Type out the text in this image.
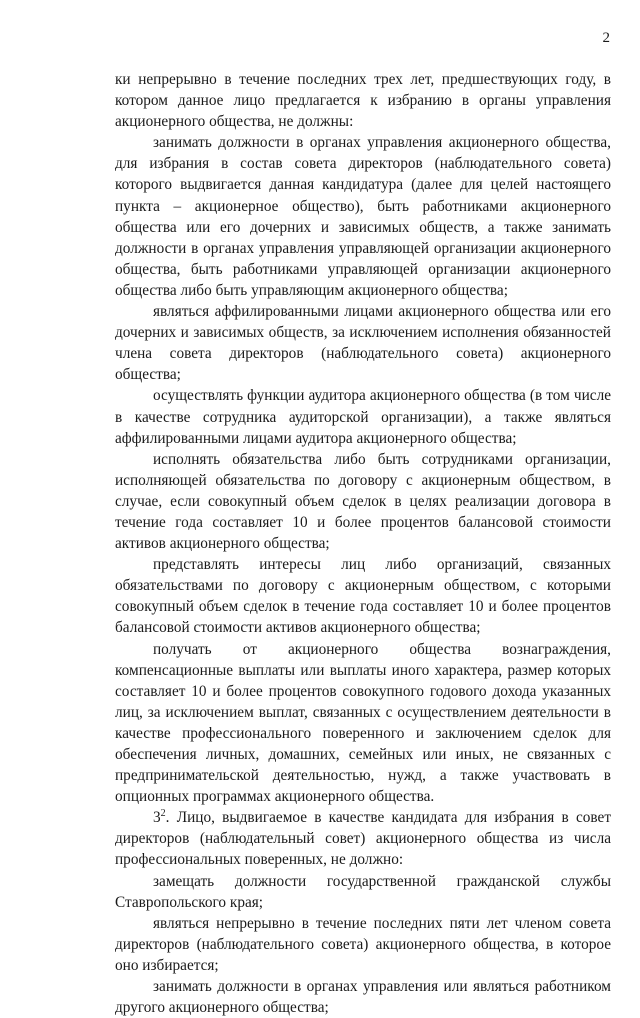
2

ки непрерывно в течение последних трех лет, предшествующих году, в котором данное лицо предлагается к избранию в органы управления акционерного общества, не должны:

занимать должности в органах управления акционерного общества, для избрания в состав совета директоров (наблюдательного совета) которого выдвигается данная кандидатура (далее для целей настоящего пункта – акционерное общество), быть работниками акционерного общества или его дочерних и зависимых обществ, а также занимать должности в органах управления управляющей организации акционерного общества, быть работниками управляющей организации акционерного общества либо быть управляющим акционерного общества;

являться аффилированными лицами акционерного общества или его дочерних и зависимых обществ, за исключением исполнения обязанностей члена совета директоров (наблюдательного совета) акционерного общества;

осуществлять функции аудитора акционерного общества (в том числе в качестве сотрудника аудиторской организации), а также являться аффилированными лицами аудитора акционерного общества;

исполнять обязательства либо быть сотрудниками организации, исполняющей обязательства по договору с акционерным обществом, в случае, если совокупный объем сделок в целях реализации договора в течение года составляет 10 и более процентов балансовой стоимости активов акционерного общества;

представлять интересы лиц либо организаций, связанных обязательствами по договору с акционерным обществом, с которыми совокупный объем сделок в течение года составляет 10 и более процентов балансовой стоимости активов акционерного общества;

получать от акционерного общества вознаграждения, компенсационные выплаты или выплаты иного характера, размер которых составляет 10 и более процентов совокупного годового дохода указанных лиц, за исключением выплат, связанных с осуществлением деятельности в качестве профессионального поверенного и заключением сделок для обеспечения личных, домашних, семейных или иных, не связанных с предпринимательской деятельностью, нужд, а также участвовать в опционных программах акционерного общества.

$3^2$. Лицо, выдвигаемое в качестве кандидата для избрания в совет директоров (наблюдательный совет) акционерного общества из числа профессиональных поверенных, не должно:

замещать должности государственной гражданской службы Ставропольского края;

являться непрерывно в течение последних пяти лет членом совета директоров (наблюдательного совета) акционерного общества, в которое оно избирается;

занимать должности в органах управления или являться работником другого акционерного общества;
